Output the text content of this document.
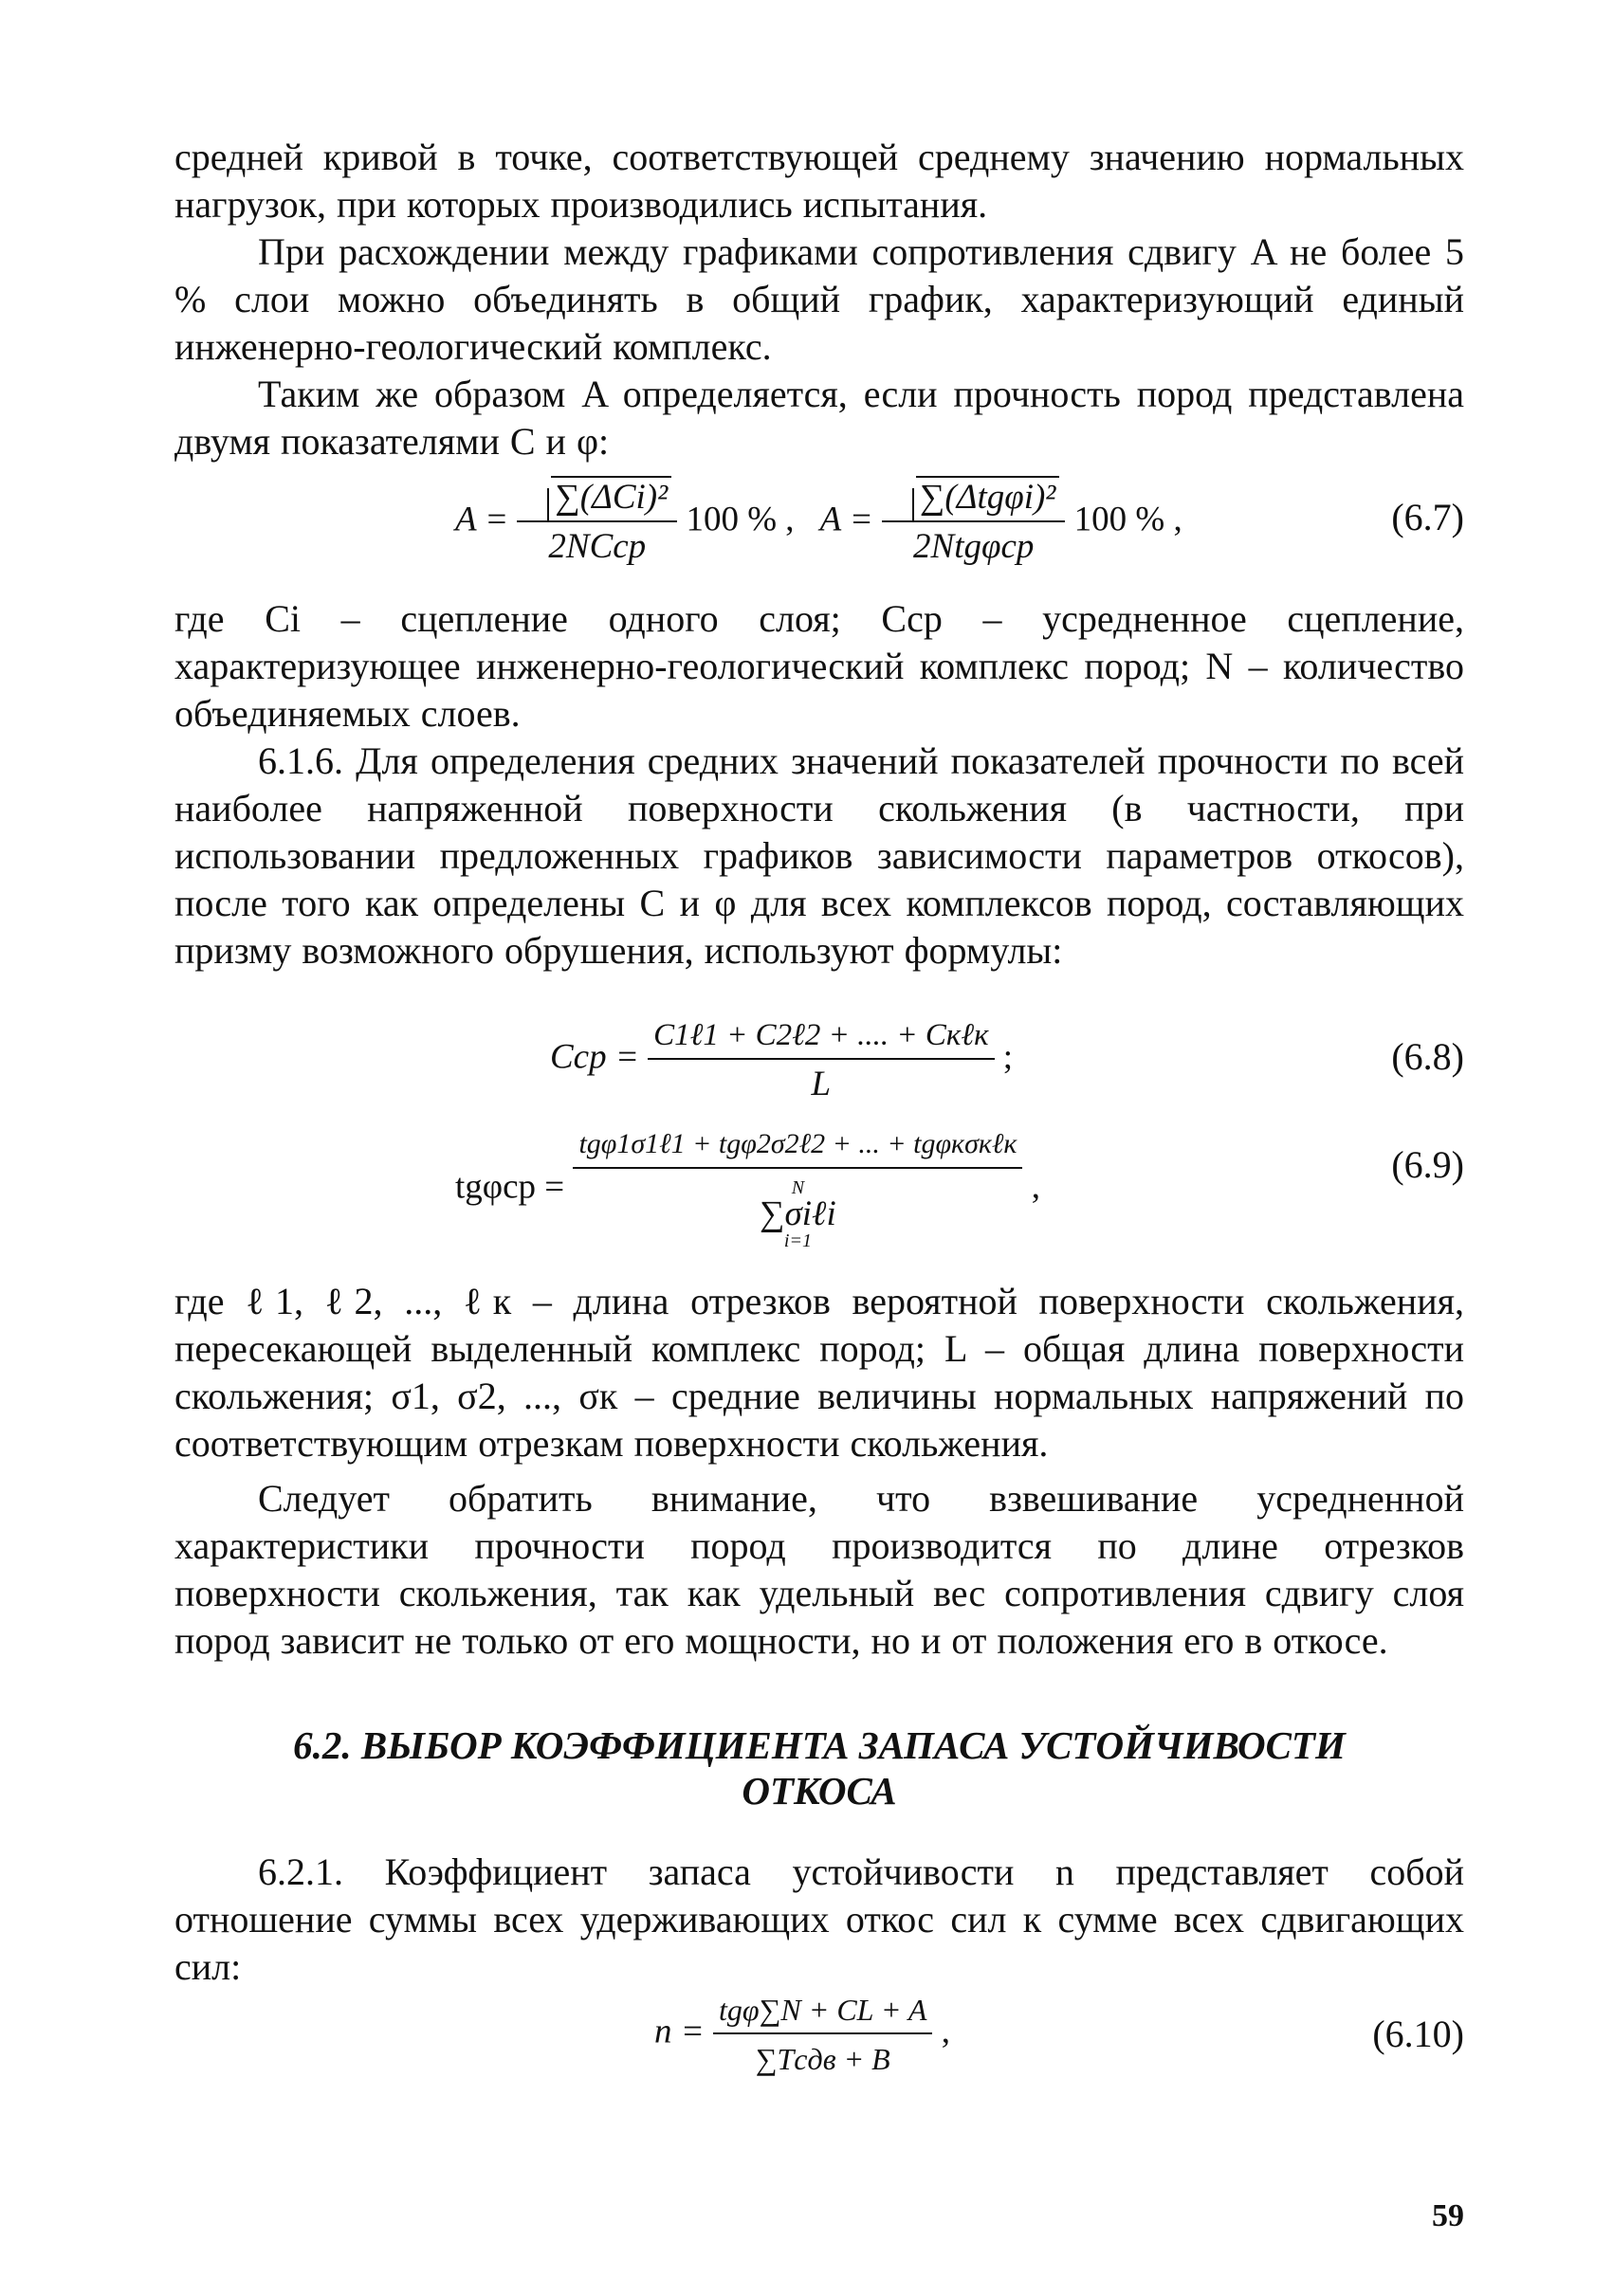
средней кривой в точке, соответствующей среднему значению нормальных нагрузок, при которых производились испытания.

При расхождении между графиками сопротивления сдвигу A не более 5 % слои можно объединять в общий график, характеризующий единый инженерно-геологический комплекс.

Таким же образом A определяется, если прочность пород представлена двумя показателями C и φ:

$A = \frac{\text{∑(ΔCi)²}}{\text{2NCср}} 100$ % , $A = \frac{\text{∑(Δtgφi)²}}{\text{2Ntgφср}} 100$ % ,	(6.7)

где Ci – сцепление одного слоя; Cср – усредненное сцепление, характеризующее инженерно-геологический комплекс пород; N – количество объединяемых слоев.

6.1.6. Для определения средних значений показателей прочности по всей наиболее напряженной поверхности скольжения (в частности, при использовании предложенных графиков зависимости параметров откосов), после того как определены C и φ для всех комплексов пород, составляющих призму возможного обрушения, используют формулы:

Cср = $\frac{\text{C1ℓ1 + C2ℓ2 + .... + Cкℓк}}{L}$ ;	(6.8)
tgφср = tgφ1σ1ℓ1 + tgφ2σ2ℓ2 + ... + tgφкσкℓк
N
∑σiℓi
i=1 ,
(6.9)

где ℓ1, ℓ2, ..., ℓк – длина отрезков вероятной поверхности скольжения, пересекающей выделенный комплекс пород; L – общая длина поверхности скольжения; σ1, σ2, ..., σк – средние величины нормальных напряжений по соответствующим отрезкам поверхности скольжения.

Следует обратить внимание, что взвешивание усредненной характеристики прочности пород производится по длине отрезков поверхности скольжения, так как удельный вес сопротивления сдвигу слоя пород зависит не только от его мощности, но и от положения его в откосе.

6.2. ВЫБОР КОЭФФИЦИЕНТА ЗАПАСА УСТОЙЧИВОСТИ
ОТКОСА

6.2.1. Коэффициент запаса устойчивости n представляет собой отношение суммы всех удерживающих откос сил к сумме всех сдвигающих сил:

$n = \frac{\text{tgφ∑N + CL + A}}{\text{∑Tсдв + B}}$ ,	(6.10)
59
